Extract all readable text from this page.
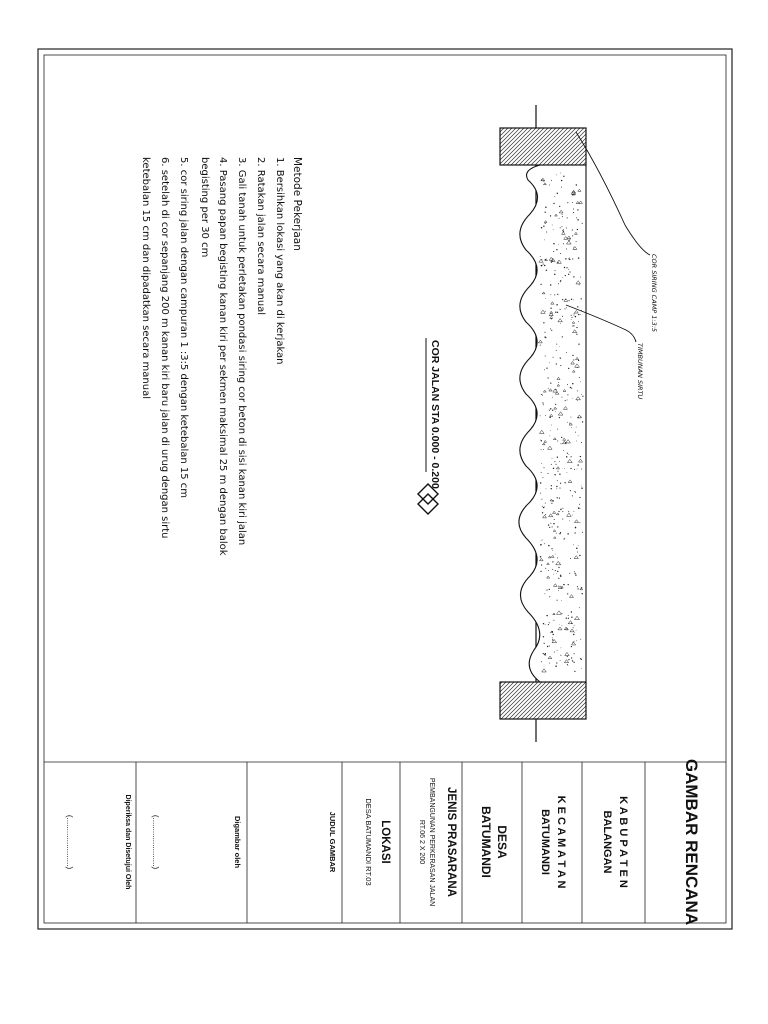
GAMBAR RENCANA
K A B U P A T E N
BALANGAN
K E C A M A T A N
BATUMANDI
DESA
BATUMANDI
JENIS PRASARANA
PEMBANGUNAN PERKERASAN JALAN
RT.06 2 X 200
LOKASI
DESA BATUMANDI RT.03
JUDUL GAMBAR
Digambar oleh
(......................)
Diperiksa dan Disetujui Oleh
(......................)
COR SIRING CAMP 1:3:5
TIMBUNAN SIRTU
COR JALAN STA 0.000 - 0.200
Metode Pekerjaan
1. Bersihkan lokasi yang akan di kerjakan
2. Ratakan jalan secara manual
3. Gali tanah untuk perletakan pondasi siring cor beton di sisi kanan kiri jalan
4. Pasang papan begisting kanan kiri per sekmen maksimal 25 m dengan balok
begisting per 30 cm
5. cor siring jalan dengan campuran 1 :3:5 dengan ketebalan 15 cm
6. setelah di cor sepanjang 200 m kanan kiri baru jalan di urug dengan sirtu
ketebalan 15 cm dan dipadatkan secara manual
